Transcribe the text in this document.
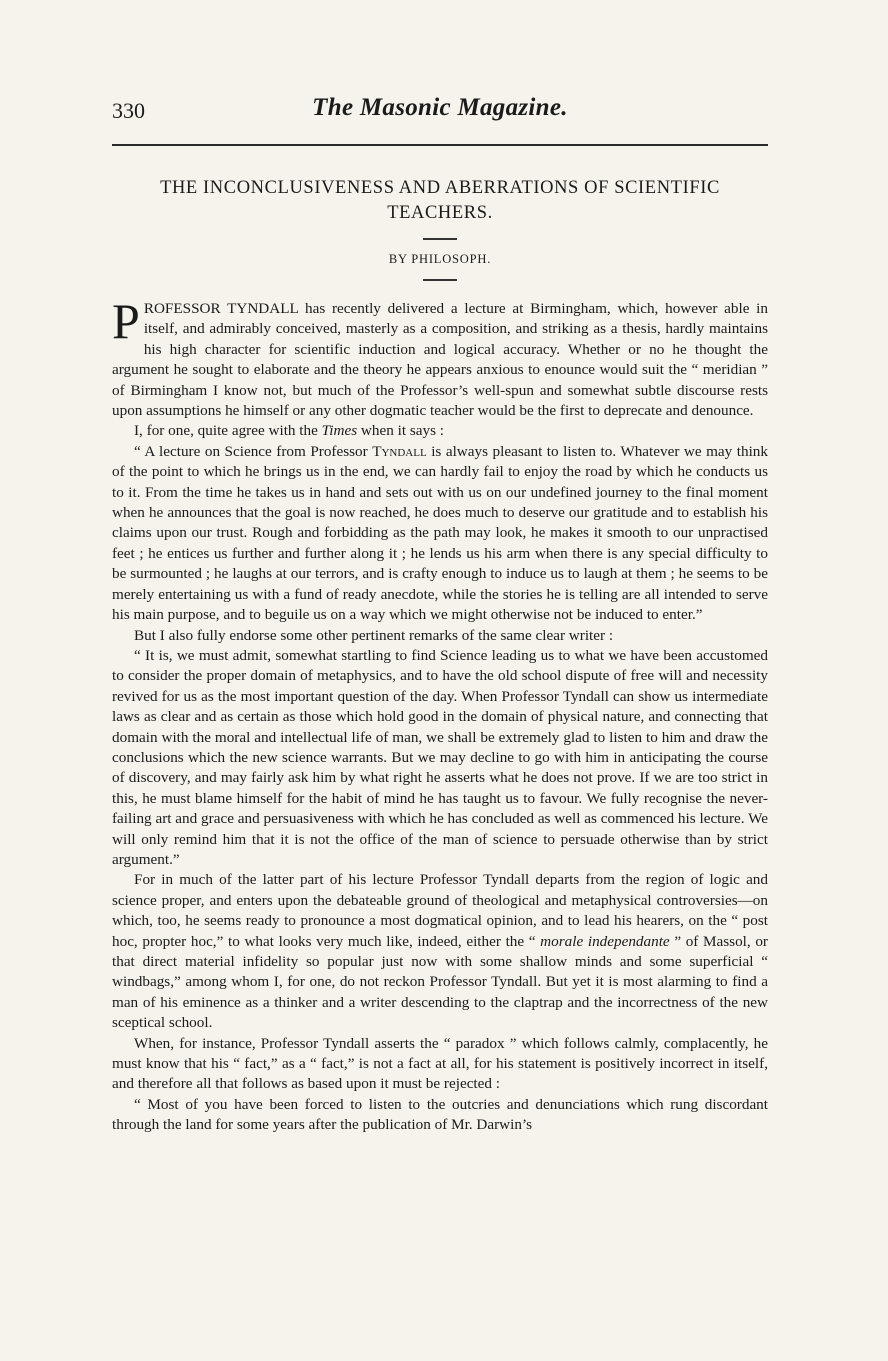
330	The Masonic Magazine.
THE INCONCLUSIVENESS AND ABERRATIONS OF SCIENTIFIC TEACHERS.
BY PHILOSOPH.

PROFESSOR TYNDALL has recently delivered a lecture at Birmingham, which, however able in itself, and admirably conceived, masterly as a composition, and striking as a thesis, hardly maintains his high character for scientific induction and logical accuracy. Whether or no he thought the argument he sought to elaborate and the theory he appears anxious to enounce would suit the “ meridian ” of Birmingham I know not, but much of the Professor’s well-spun and somewhat subtle discourse rests upon assumptions he himself or any other dogmatic teacher would be the first to deprecate and denounce.

I, for one, quite agree with the Times when it says :

“ A lecture on Science from Professor Tyndall is always pleasant to listen to. Whatever we may think of the point to which he brings us in the end, we can hardly fail to enjoy the road by which he conducts us to it. From the time he takes us in hand and sets out with us on our undefined journey to the final moment when he announces that the goal is now reached, he does much to deserve our gratitude and to establish his claims upon our trust. Rough and forbidding as the path may look, he makes it smooth to our unpractised feet ; he entices us further and further along it ; he lends us his arm when there is any special difficulty to be surmounted ; he laughs at our terrors, and is crafty enough to induce us to laugh at them ; he seems to be merely entertaining us with a fund of ready anecdote, while the stories he is telling are all intended to serve his main purpose, and to beguile us on a way which we might otherwise not be induced to enter.”

But I also fully endorse some other pertinent remarks of the same clear writer :

“ It is, we must admit, somewhat startling to find Science leading us to what we have been accustomed to consider the proper domain of metaphysics, and to have the old school dispute of free will and necessity revived for us as the most important question of the day. When Professor Tyndall can show us intermediate laws as clear and as certain as those which hold good in the domain of physical nature, and connecting that domain with the moral and intellectual life of man, we shall be extremely glad to listen to him and draw the conclusions which the new science warrants. But we may decline to go with him in anticipating the course of discovery, and may fairly ask him by what right he asserts what he does not prove. If we are too strict in this, he must blame himself for the habit of mind he has taught us to favour. We fully recognise the never-failing art and grace and persuasiveness with which he has concluded as well as commenced his lecture. We will only remind him that it is not the office of the man of science to persuade otherwise than by strict argument.”

For in much of the latter part of his lecture Professor Tyndall departs from the region of logic and science proper, and enters upon the debateable ground of theological and metaphysical controversies—on which, too, he seems ready to pronounce a most dogmatical opinion, and to lead his hearers, on the “ post hoc, propter hoc,” to what looks very much like, indeed, either the “ morale independante ” of Massol, or that direct material infidelity so popular just now with some shallow minds and some superficial “ windbags,” among whom I, for one, do not reckon Professor Tyndall. But yet it is most alarming to find a man of his eminence as a thinker and a writer descending to the claptrap and the incorrectness of the new sceptical school.

When, for instance, Professor Tyndall asserts the “ paradox ” which follows calmly, complacently, he must know that his “ fact,” as a “ fact,” is not a fact at all, for his statement is positively incorrect in itself, and therefore all that follows as based upon it must be rejected :

“ Most of you have been forced to listen to the outcries and denunciations which rung discordant through the land for some years after the publication of Mr. Darwin’s
